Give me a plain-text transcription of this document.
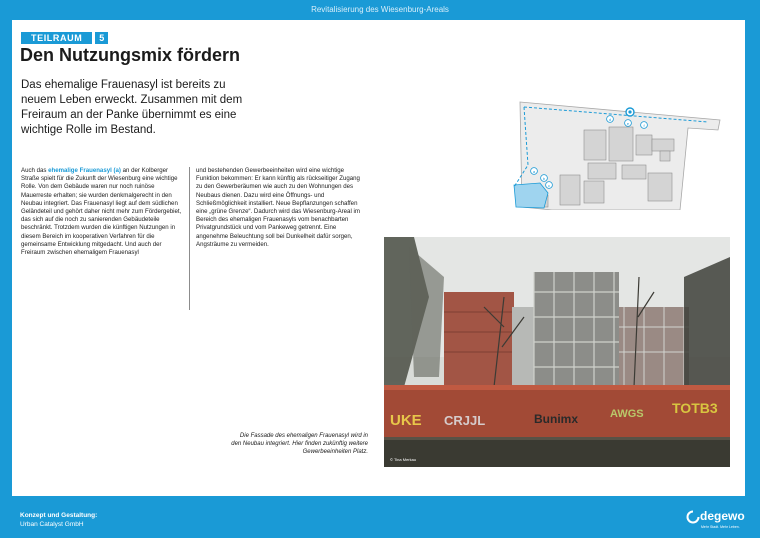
Revitalisierung des Wiesenburg-Areals
TEILRAUM 5
Den Nutzungsmix fördern

Das ehemalige Frauenasyl ist bereits zu neuem Leben erweckt. Zusammen mit dem Freiraum an der Panke übernimmt es eine wichtige Rolle im Bestand.

Auch das ehemalige Frauenasyl (a) an der Kolberger Straße spielt für die Zukunft der Wiesenburg eine wichtige Rolle. Von dem Gebäude waren nur noch ruinöse Mauerreste erhalten; sie wurden denkmalgerecht in den Neubau integriert. Das Frauenasyl liegt auf dem südlichen Geländeteil und gehört daher nicht mehr zum Fördergebiet, das sich auf die noch zu sanierenden Gebäudeteile beschränkt. Trotzdem wurden die künftigen Nutzungen in diesem Bereich im kooperativen Verfahren für die gemeinsame Entwicklung mitgedacht. Und auch der Freiraum zwischen ehemaligem Frauenasyl

und bestehenden Gewerbeeinheiten wird eine wichtige Funktion bekommen: Er kann künftig als rückseitiger Zugang zu den Gewerberäumen wie auch zu den Wohnungen des Neubaus dienen. Dazu wird eine Öffnungs- und Schließmöglichkeit installiert. Neue Bepflanzungen schaffen eine „grüne Grenze“. Dadurch wird das Wiesenburg-Areal im Bereich des ehemaligen Frauenasyls vom benachbarten Privatgrundstück und vom Pankeweg getrennt. Eine angenehme Beleuchtung soll bei Dunkelheit dafür sorgen, Angsträume zu vermeiden.

a
b
c
d
e	f
UKE CRJJL	Bunimx	AWGS TOTB3
© Tina Merkau

Die Fassade des ehemaligen Frauenasyl wird in den Neubau integriert. Hier finden zukünftig weitere Gewerbeeinheiten Platz.

Konzept und Gestaltung:
Urban Catalyst GmbH
degewo
Mehr Stadt. Mehr Leben.
